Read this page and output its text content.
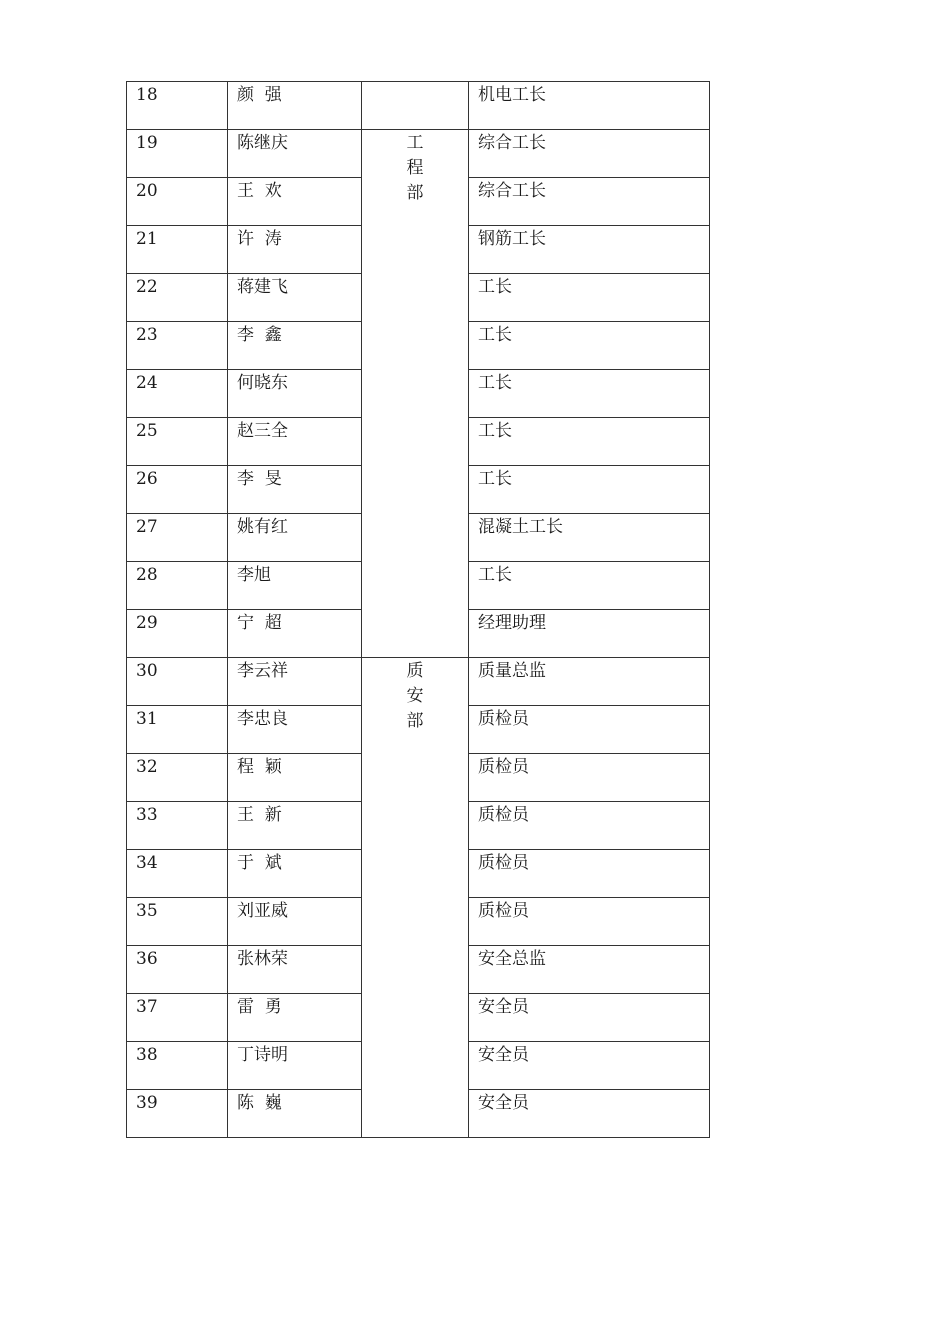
18	颜  强		机电工长

19	陈继庆	工程部	综合工长

20	王  欢		综合工长

21	许  涛		钢筋工长

22	蒋建飞		工长

23	李  鑫		工长

24	何晓东		工长

25	赵三全		工长

26	李  旻		工长

27	姚有红		混凝土工长

28	李旭		工长

29	宁  超		经理助理

30	李云祥	质安部	质量总监

31	李忠良		质检员

32	程  颖		质检员

33	王  新		质检员

34	于  斌		质检员

35	刘亚威		质检员

36	张林荣		安全总监

37	雷  勇		安全员

38	丁诗明		安全员

39	陈  巍		安全员
